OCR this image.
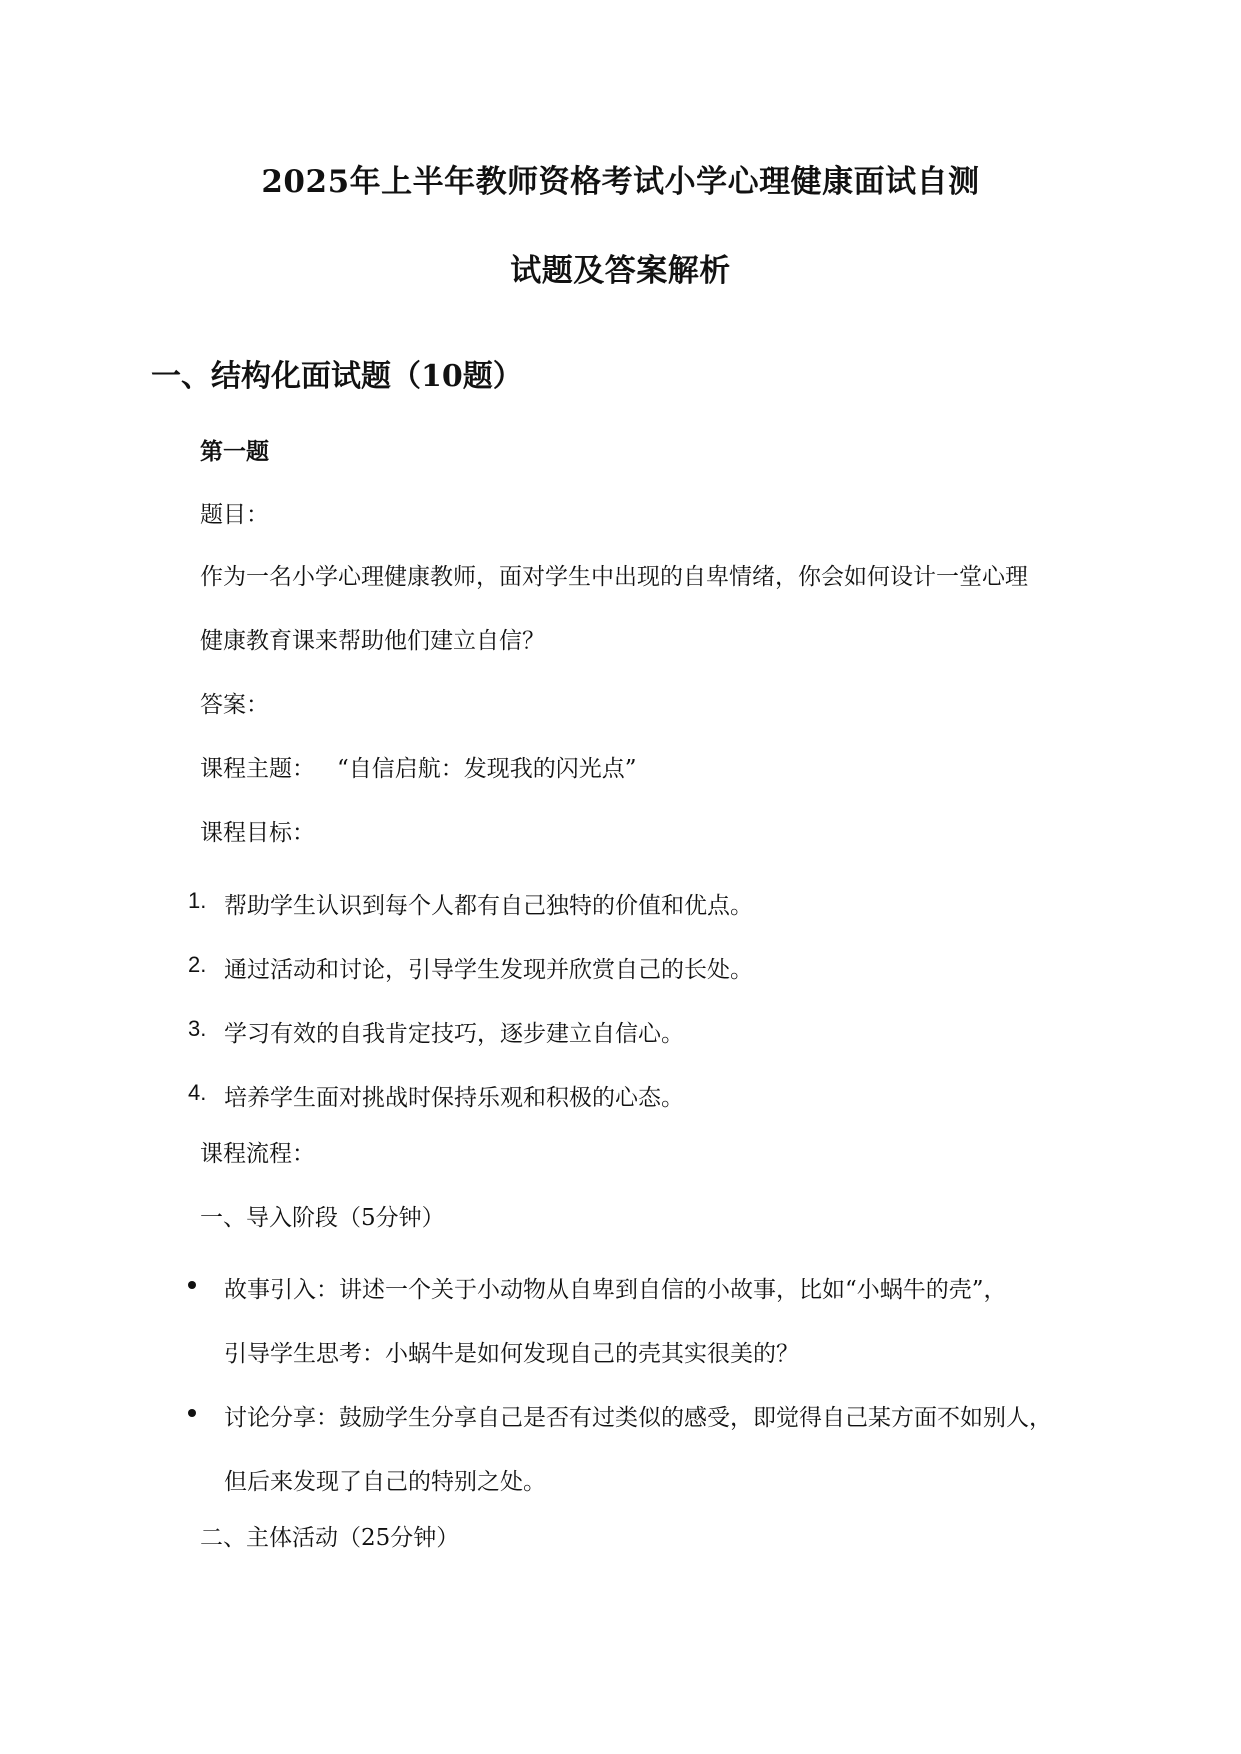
2025年上半年教师资格考试小学心理健康面试自测
试题及答案解析
一、结构化面试题（10题）
第一题
题目：
作为一名小学心理健康教师，面对学生中出现的自卑情绪，你会如何设计一堂心理
健康教育课来帮助他们建立自信？
答案：
课程主题： “自信启航：发现我的闪光点”
课程目标：
1. 帮助学生认识到每个人都有自己独特的价值和优点。
2. 通过活动和讨论，引导学生发现并欣赏自己的长处。
3. 学习有效的自我肯定技巧，逐步建立自信心。
4. 培养学生面对挑战时保持乐观和积极的心态。
课程流程：
一、导入阶段（5分钟）
故事引入：讲述一个关于小动物从自卑到自信的小故事，比如“小蜗牛的壳”，
引导学生思考：小蜗牛是如何发现自己的壳其实很美的？
讨论分享：鼓励学生分享自己是否有过类似的感受，即觉得自己某方面不如别人，
但后来发现了自己的特别之处。
二、主体活动（25分钟）
